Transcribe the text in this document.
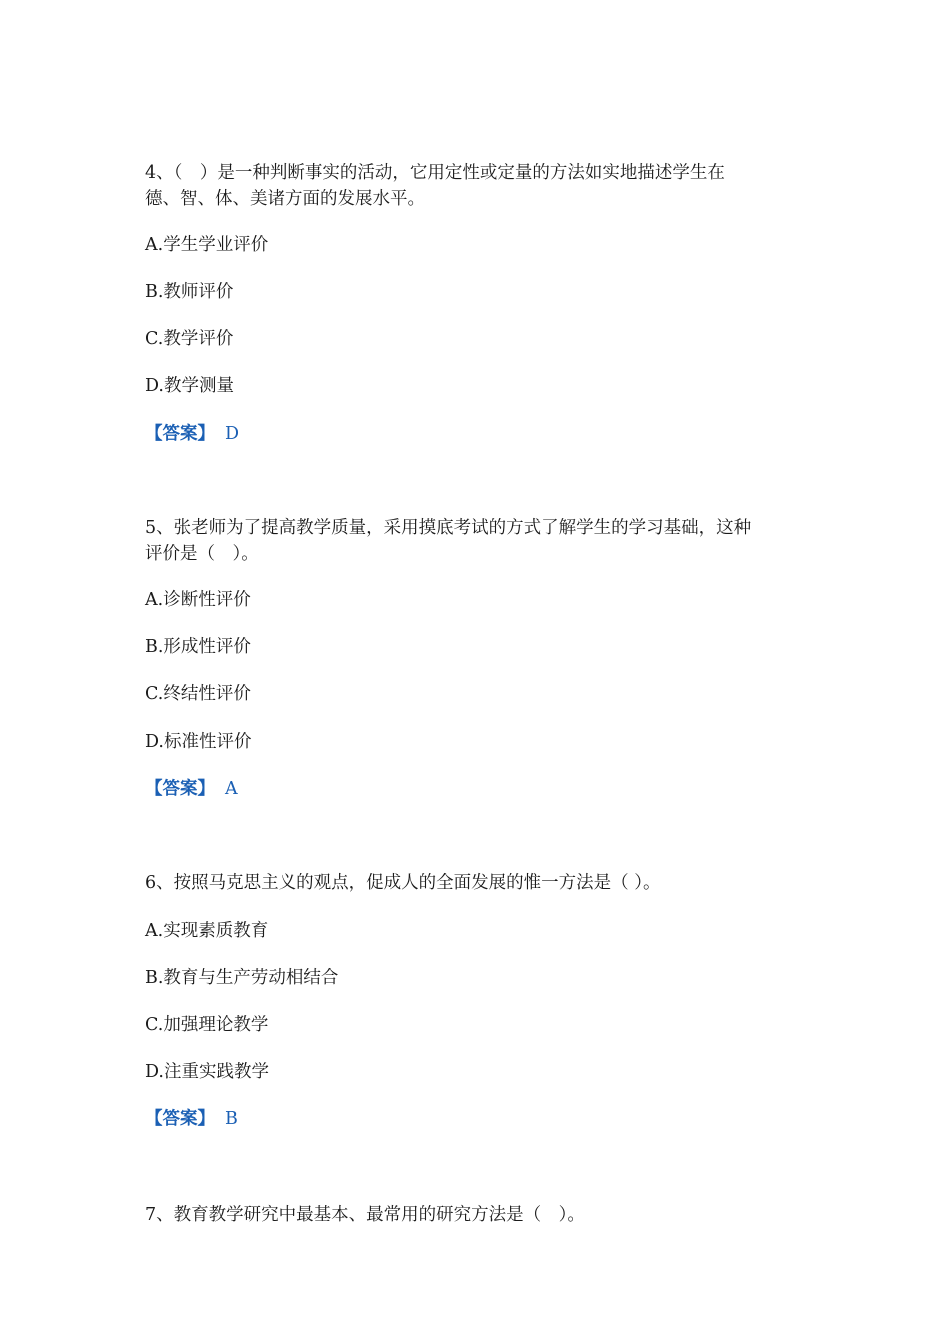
4、（　）是一种判断事实的活动，它用定性或定量的方法如实地描述学生在
德、智、体、美诸方面的发展水平。
A.学生学业评价
B.教师评价
C.教学评价
D.教学测量
【答案】 D
5、张老师为了提高教学质量，采用摸底考试的方式了解学生的学习基础，这种
评价是（　）。
A.诊断性评价
B.形成性评价
C.终结性评价
D.标准性评价
【答案】 A
6、按照马克思主义的观点，促成人的全面发展的惟一方法是（ ）。
A.实现素质教育
B.教育与生产劳动相结合
C.加强理论教学
D.注重实践教学
【答案】 B
7、教育教学研究中最基本、最常用的研究方法是（　）。
